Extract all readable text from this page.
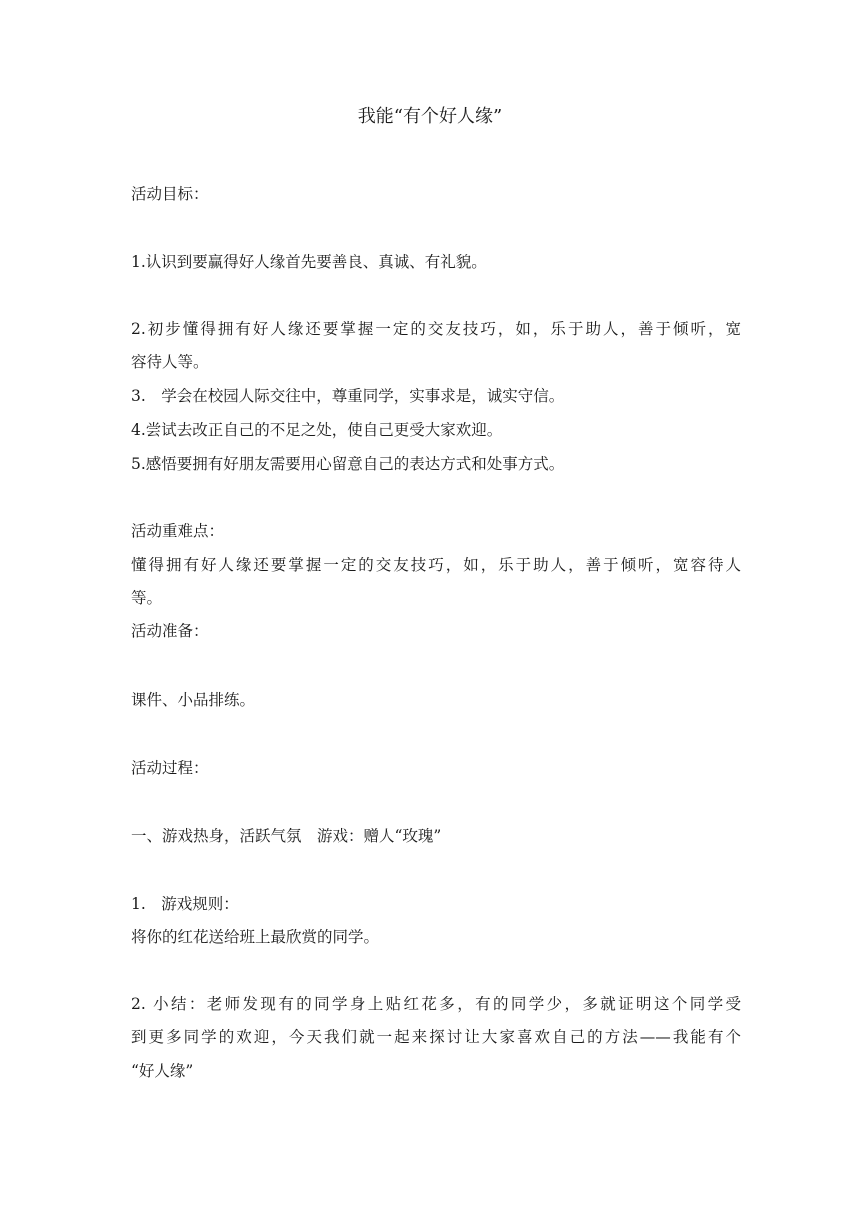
我能“有个好人缘”
活动目标：
1.认识到要赢得好人缘首先要善良、真诚、有礼貌。
2.初步懂得拥有好人缘还要掌握一定的交友技巧，如，乐于助人，善于倾听，宽
容待人等。
3.　学会在校园人际交往中，尊重同学，实事求是，诚实守信。
4.尝试去改正自己的不足之处，使自己更受大家欢迎。
5.感悟要拥有好朋友需要用心留意自己的表达方式和处事方式。
活动重难点：
懂得拥有好人缘还要掌握一定的交友技巧，如，乐于助人，善于倾听，宽容待人
等。
活动准备：
课件、小品排练。
活动过程：
一、游戏热身，活跃气氛　游戏：赠人“玫瑰”
1.　游戏规则：
将你的红花送给班上最欣赏的同学。
2. 小结：老师发现有的同学身上贴红花多，有的同学少，多就证明这个同学受
到更多同学的欢迎，今天我们就一起来探讨让大家喜欢自己的方法——我能有个
“好人缘”
